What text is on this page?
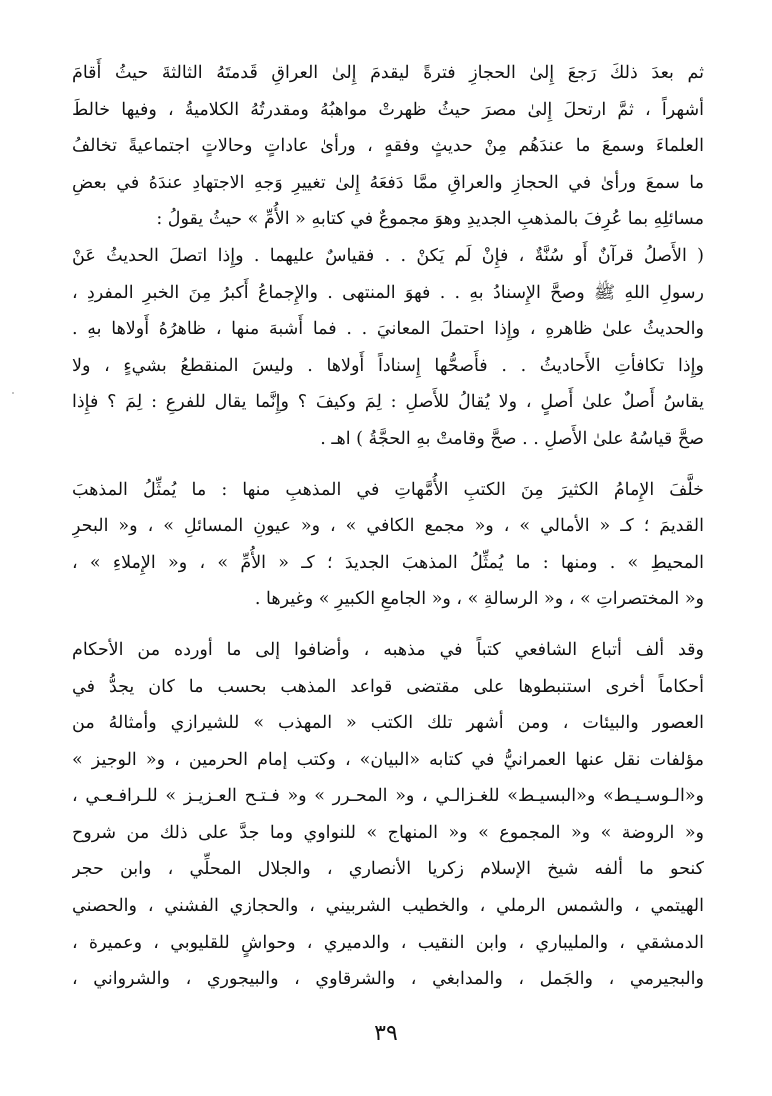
ثم بعدَ ذلكَ رَجعَ إِلىٰ الحجازِ فترةً ليقدمَ إِلىٰ العراقِ قَدمتَهُ الثالثةَ حيثُ أَقامَ
أشهراً ، ثمَّ ارتحلَ إِلىٰ مصرَ حيثُ ظهرتْ مواهبُهُ ومقدرتُهُ الكلاميةُ ، وفيها خالطَ
العلماءَ وسمعَ ما عندَهُم مِنْ حديثٍ وفقهٍ ، ورأىٰ عاداتٍ وحالاتٍ اجتماعيةً تخالفُ
ما سمعَ ورأىٰ في الحجازِ والعراقِ ممَّا دَفعَهُ إِلىٰ تغييرِ وَجهِ الاجتهادِ عندَهُ في بعضِ
مسائلِهِ بما عُرِفَ بالمذهبِ الجديدِ وهوَ مجموعٌ في كتابهِ « الأُمِّ » حيثُ يقولُ :
( الأَصلُ قرآنٌ أَو سُنَّةٌ ، فإِنْ لَم يَكنْ . . فقياسٌ عليهما . وإِذا اتصلَ الحديثُ عَنْ
رسولِ اللهِ ﷺ وصحَّ الإِسنادُ بهِ . . فهوَ المنتهى . والإِجماعُ أَكبرُ مِنَ الخبرِ المفردِ ،
والحديثُ علىٰ ظاهرهِ ، وإِذا احتملَ المعانيَ . . فما أَشبهَ منها ، ظاهرُهُ أَولاها بهِ .
وإِذا تكافأتِ الأَحاديثُ . . فأَصحُّها إِسناداً أَولاها . وليسَ المنقطعُ بشيءٍ ، ولا
يقاسُ أَصلٌ علىٰ أَصلٍ ، ولا يُقالُ للأَصلِ : لِمَ وكيفَ ؟ وإِنَّما يقال للفرعِ : لِمَ ؟ فإِذا
صحَّ قياسُهُ علىٰ الأَصلِ . . صحَّ وقامتْ بهِ الحجَّةُ ) اهـ .
خلَّفَ الإِمامُ الكثيرَ مِنَ الكتبِ الأُمَّهاتِ في المذهبِ منها : ما يُمثِّلُ المذهبَ
القديمَ ؛ كـ « الأمالي » ، و« مجمع الكافي » ، و« عيونِ المسائلِ » ، و« البحرِ
المحيطِ » . ومنها : ما يُمثِّلُ المذهبَ الجديدَ ؛ كـ « الأُمِّ » ، و« الإِملاءِ » ،
و« المختصراتِ » ، و« الرسالةِ » ، و« الجامعِ الكبيرِ » وغيرها .
وقد ألف أتباع الشافعي كتباً في مذهبه ، وأضافوا إلى ما أورده من الأحكام
أحكاماً أخرى استنبطوها على مقتضى قواعد المذهب بحسب ما كان يجدُّ في
العصور والبيئات ، ومن أشهر تلك الكتب « المهذب » للشيرازي وأمثالهُ من
مؤلفات نقل عنها العمرانيُّ في كتابه «البيان» ، وكتب إمام الحرمين ، و« الوجيز »
و«الـوسـيـط» و«البسيـط» للغـزالـي ، و« المحـرر » و« فـتـح العـزيـز » للـرافـعـي ،
و« الروضة » و« المجموع » و« المنهاج » للنواوي وما جدَّ على ذلك من شروح
كنحو ما ألفه شيخ الإسلام زكريا الأنصاري ، والجلال المحلِّي ، وابن حجر
الهيتمي ، والشمس الرملي ، والخطيب الشربيني ، والحجازي الفشني ، والحصني
الدمشقي ، والمليباري ، وابن النقيب ، والدميري ، وحواشٍ للقليوبي ، وعميرة ،
والبجيرمي ، والجَمل ، والمدابغي ، والشرقاوي ، والبيجوري ، والشرواني ،
٣٩
